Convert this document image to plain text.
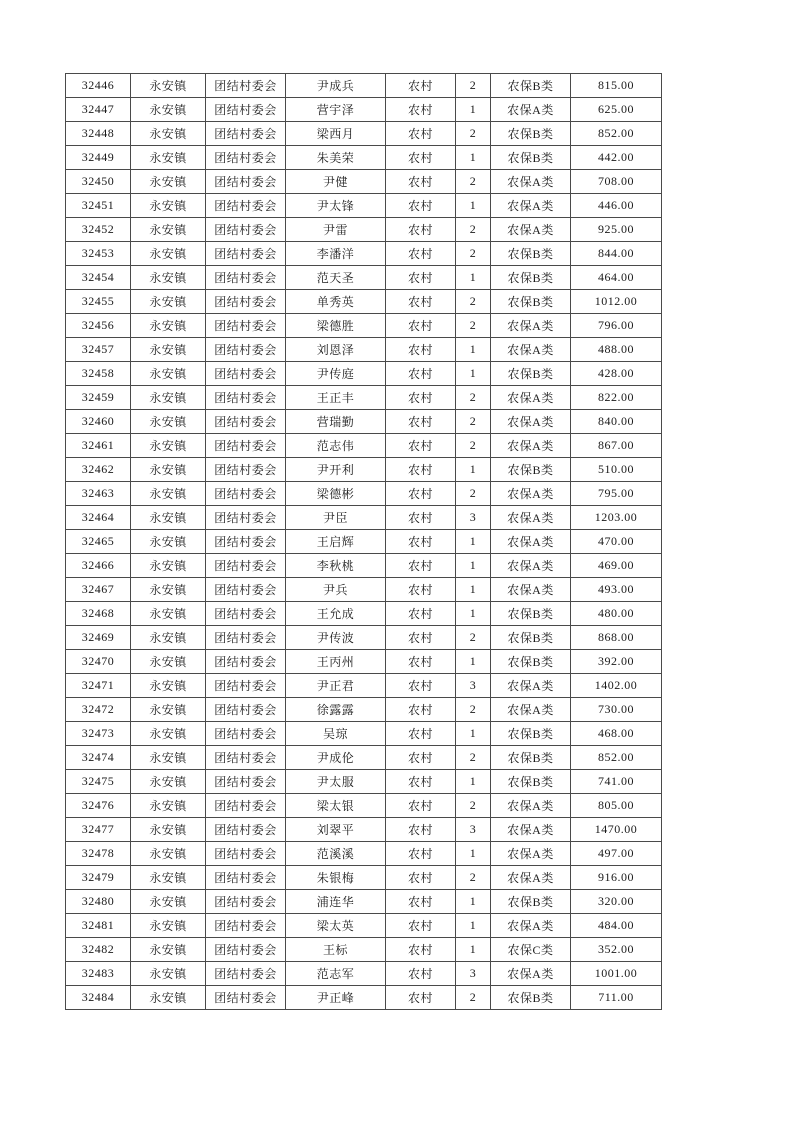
32446	永安镇	团结村委会	尹成兵	农村	2	农保B类	815.00
32447	永安镇	团结村委会	营宇泽	农村	1	农保A类	625.00
32448	永安镇	团结村委会	梁西月	农村	2	农保B类	852.00
32449	永安镇	团结村委会	朱美荣	农村	1	农保B类	442.00
32450	永安镇	团结村委会	尹健	农村	2	农保A类	708.00
32451	永安镇	团结村委会	尹太锋	农村	1	农保A类	446.00
32452	永安镇	团结村委会	尹雷	农村	2	农保A类	925.00
32453	永安镇	团结村委会	李潘洋	农村	2	农保B类	844.00
32454	永安镇	团结村委会	范天圣	农村	1	农保B类	464.00
32455	永安镇	团结村委会	单秀英	农村	2	农保B类	1012.00
32456	永安镇	团结村委会	梁德胜	农村	2	农保A类	796.00
32457	永安镇	团结村委会	刘恩泽	农村	1	农保A类	488.00
32458	永安镇	团结村委会	尹传庭	农村	1	农保B类	428.00
32459	永安镇	团结村委会	王正丰	农村	2	农保A类	822.00
32460	永安镇	团结村委会	营瑞勤	农村	2	农保A类	840.00
32461	永安镇	团结村委会	范志伟	农村	2	农保A类	867.00
32462	永安镇	团结村委会	尹开利	农村	1	农保B类	510.00
32463	永安镇	团结村委会	梁德彬	农村	2	农保A类	795.00
32464	永安镇	团结村委会	尹臣	农村	3	农保A类	1203.00
32465	永安镇	团结村委会	王启辉	农村	1	农保A类	470.00
32466	永安镇	团结村委会	李秋桃	农村	1	农保A类	469.00
32467	永安镇	团结村委会	尹兵	农村	1	农保A类	493.00
32468	永安镇	团结村委会	王允成	农村	1	农保B类	480.00
32469	永安镇	团结村委会	尹传波	农村	2	农保B类	868.00
32470	永安镇	团结村委会	王丙州	农村	1	农保B类	392.00
32471	永安镇	团结村委会	尹正君	农村	3	农保A类	1402.00
32472	永安镇	团结村委会	徐露露	农村	2	农保A类	730.00
32473	永安镇	团结村委会	吴琼	农村	1	农保B类	468.00
32474	永安镇	团结村委会	尹成伦	农村	2	农保B类	852.00
32475	永安镇	团结村委会	尹太服	农村	1	农保B类	741.00
32476	永安镇	团结村委会	梁太银	农村	2	农保A类	805.00
32477	永安镇	团结村委会	刘翠平	农村	3	农保A类	1470.00
32478	永安镇	团结村委会	范溪溪	农村	1	农保A类	497.00
32479	永安镇	团结村委会	朱银梅	农村	2	农保A类	916.00
32480	永安镇	团结村委会	浦连华	农村	1	农保B类	320.00
32481	永安镇	团结村委会	梁太英	农村	1	农保A类	484.00
32482	永安镇	团结村委会	王标	农村	1	农保C类	352.00
32483	永安镇	团结村委会	范志军	农村	3	农保A类	1001.00
32484	永安镇	团结村委会	尹正峰	农村	2	农保B类	711.00
